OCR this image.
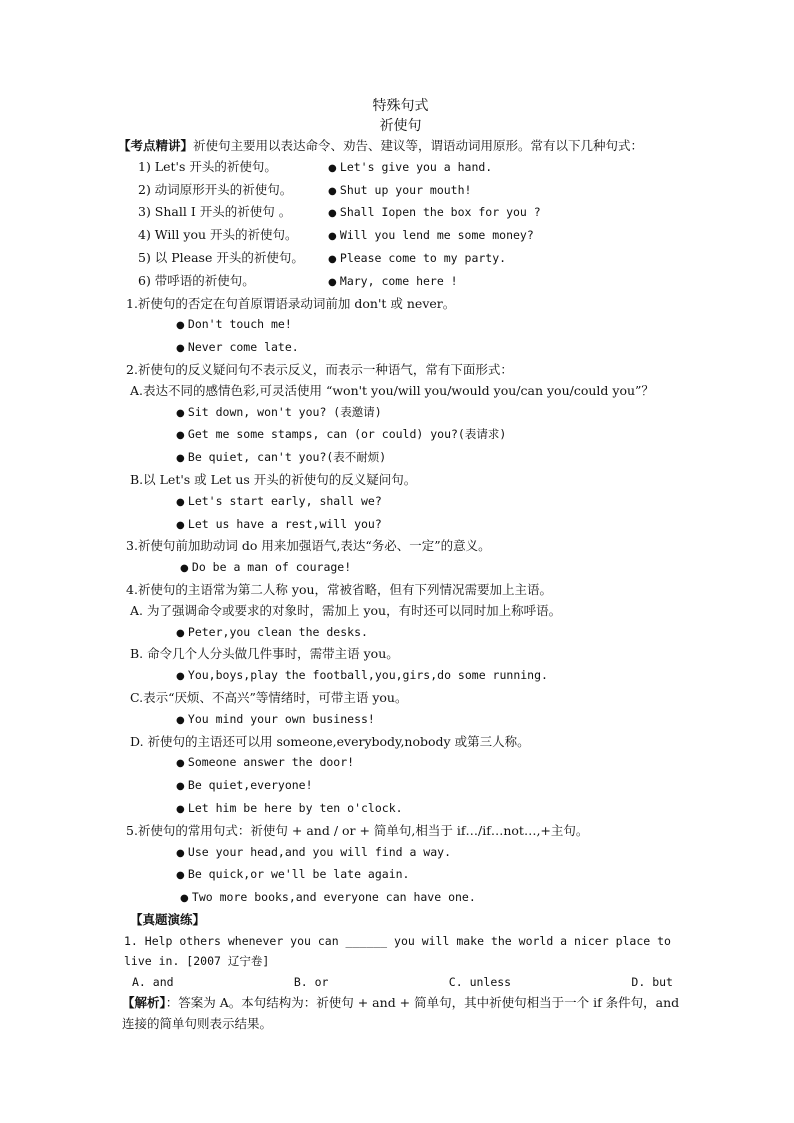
特殊句式
祈使句
【考点精讲】祈使句主要用以表达命令、劝告、建议等，谓语动词用原形。常有以下几种句式：
1) Let's 开头的祈使句。	● Let's give you a hand.
2) 动词原形开头的祈使句。	● Shut up your mouth!
3) Shall I 开头的祈使句 。	● Shall Iopen the box for you ?
4) Will you 开头的祈使句。	● Will you lend me some money?
5) 以 Please 开头的祈使句。	● Please come to my party.
6) 带呼语的祈使句。	● Mary, come here !
1.祈使句的否定在句首原谓语录动词前加 don't 或 never。
● Don't touch me!
● Never come late.
2.祈使句的反义疑问句不表示反义，而表示一种语气，常有下面形式：
A.表达不同的感情色彩,可灵活使用 “won't you/will you/would you/can you/could you”？
● Sit down, won't you? (表邀请)
● Get me some stamps, can (or could) you?(表请求)
● Be quiet, can't you?(表不耐烦)
B.以 Let's 或 Let us 开头的祈使句的反义疑问句。
● Let's start early, shall we?
● Let us have a rest,will you?
3.祈使句前加助动词 do 用来加强语气,表达“务必、一定”的意义。
● Do be a man of courage!
4.祈使句的主语常为第二人称 you，常被省略，但有下列情况需要加上主语。
A. 为了强调命令或要求的对象时，需加上 you，有时还可以同时加上称呼语。
● Peter,you clean the desks.
B. 命令几个人分头做几件事时，需带主语 you。
● You,boys,play the football,you,girs,do some running.
C.表示“厌烦、不高兴”等情绪时，可带主语 you。
● You mind your own business!
D. 祈使句的主语还可以用 someone,everybody,nobody 或第三人称。
● Someone answer the door!
● Be quiet,everyone!
● Let him be here by ten o'clock.
5.祈使句的常用句式：祈使句 + and / or + 简单句,相当于 if…/if…not…,+主句。
● Use your head,and you will find a way.
● Be quick,or we'll be late again.
● Two more books,and everyone can have one.
【真题演练】
1. Help others whenever you can ______ you will make the world a nicer place to live in. [2007 辽宁卷]
A. and	B. or	C. unless	D. but
【解析】：答案为 A。本句结构为：祈使句 + and + 简单句，其中祈使句相当于一个 if 条件句，and 连接的简单句则表示结果。
